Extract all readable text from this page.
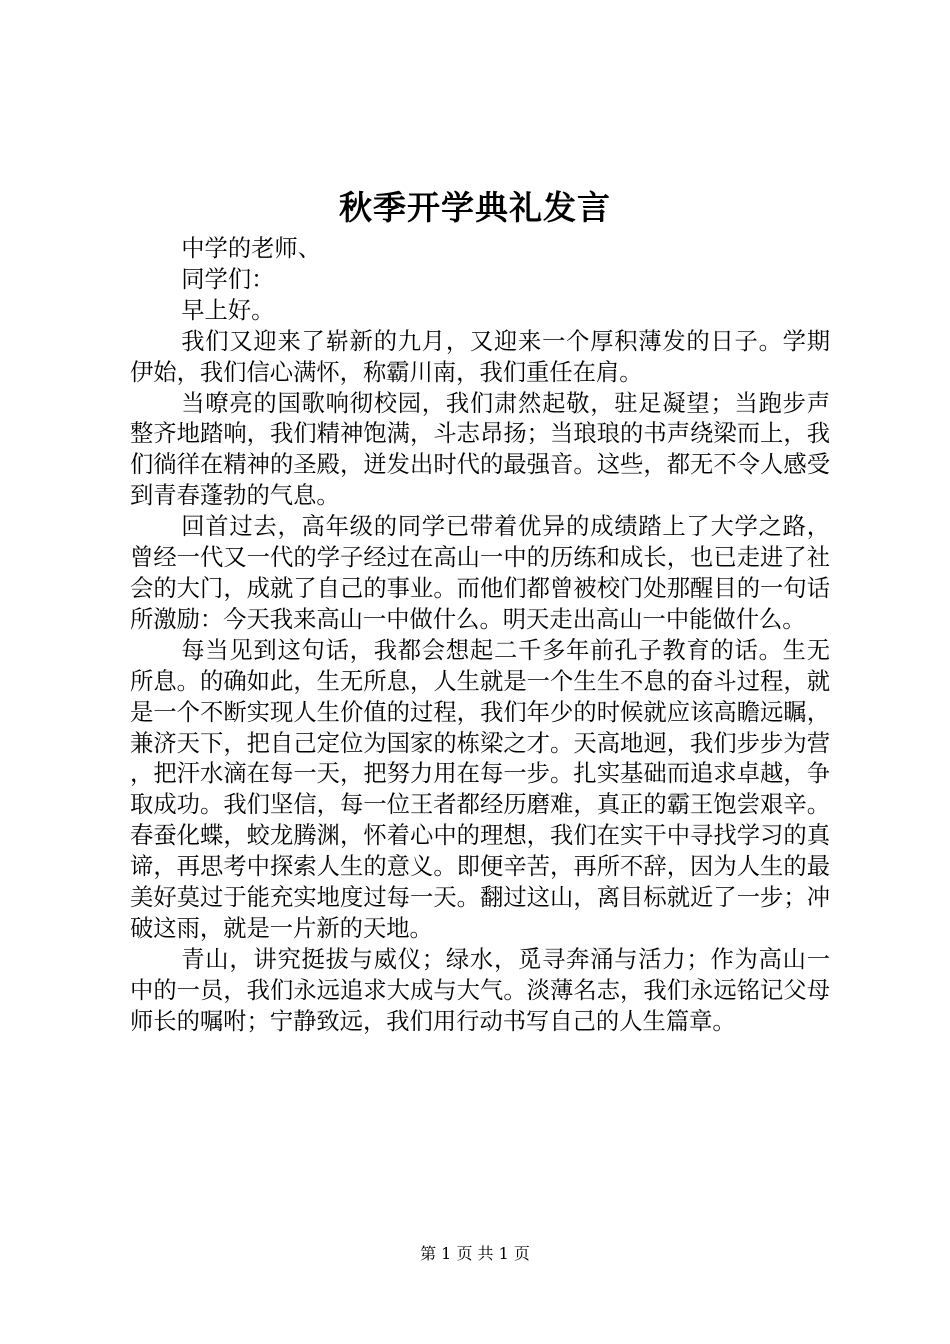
秋季开学典礼发言

中学的老师、

同学们：

早上好。

我们又迎来了崭新的九月，又迎来一个厚积薄发的日子。学期伊始，我们信心满怀，称霸川南，我们重任在肩。

当嘹亮的国歌响彻校园，我们肃然起敬，驻足凝望；当跑步声整齐地踏响，我们精神饱满，斗志昂扬；当琅琅的书声绕梁而上，我们徜徉在精神的圣殿，迸发出时代的最强音。这些，都无不令人感受到青春蓬勃的气息。

回首过去，高年级的同学已带着优异的成绩踏上了大学之路，曾经一代又一代的学子经过在高山一中的历练和成长，也已走进了社会的大门，成就了自己的事业。而他们都曾被校门处那醒目的一句话所激励：今天我来高山一中做什么。明天走出高山一中能做什么。

每当见到这句话，我都会想起二千多年前孔子教育的话。生无所息。的确如此，生无所息，人生就是一个生生不息的奋斗过程，就是一个不断实现人生价值的过程，我们年少的时候就应该高瞻远瞩，兼济天下，把自己定位为国家的栋梁之才。天高地迥，我们步步为营，把汗水滴在每一天，把努力用在每一步。扎实基础而追求卓越，争取成功。我们坚信，每一位王者都经历磨难，真正的霸王饱尝艰辛。春蚕化蝶，蛟龙腾渊，怀着心中的理想，我们在实干中寻找学习的真谛，再思考中探索人生的意义。即便辛苦，再所不辞，因为人生的最美好莫过于能充实地度过每一天。翻过这山，离目标就近了一步；冲破这雨，就是一片新的天地。

青山，讲究挺拔与威仪；绿水，觅寻奔涌与活力；作为高山一中的一员，我们永远追求大成与大气。淡薄名志，我们永远铭记父母师长的嘱咐；宁静致远，我们用行动书写自己的人生篇章。

第 1 页 共 1 页
